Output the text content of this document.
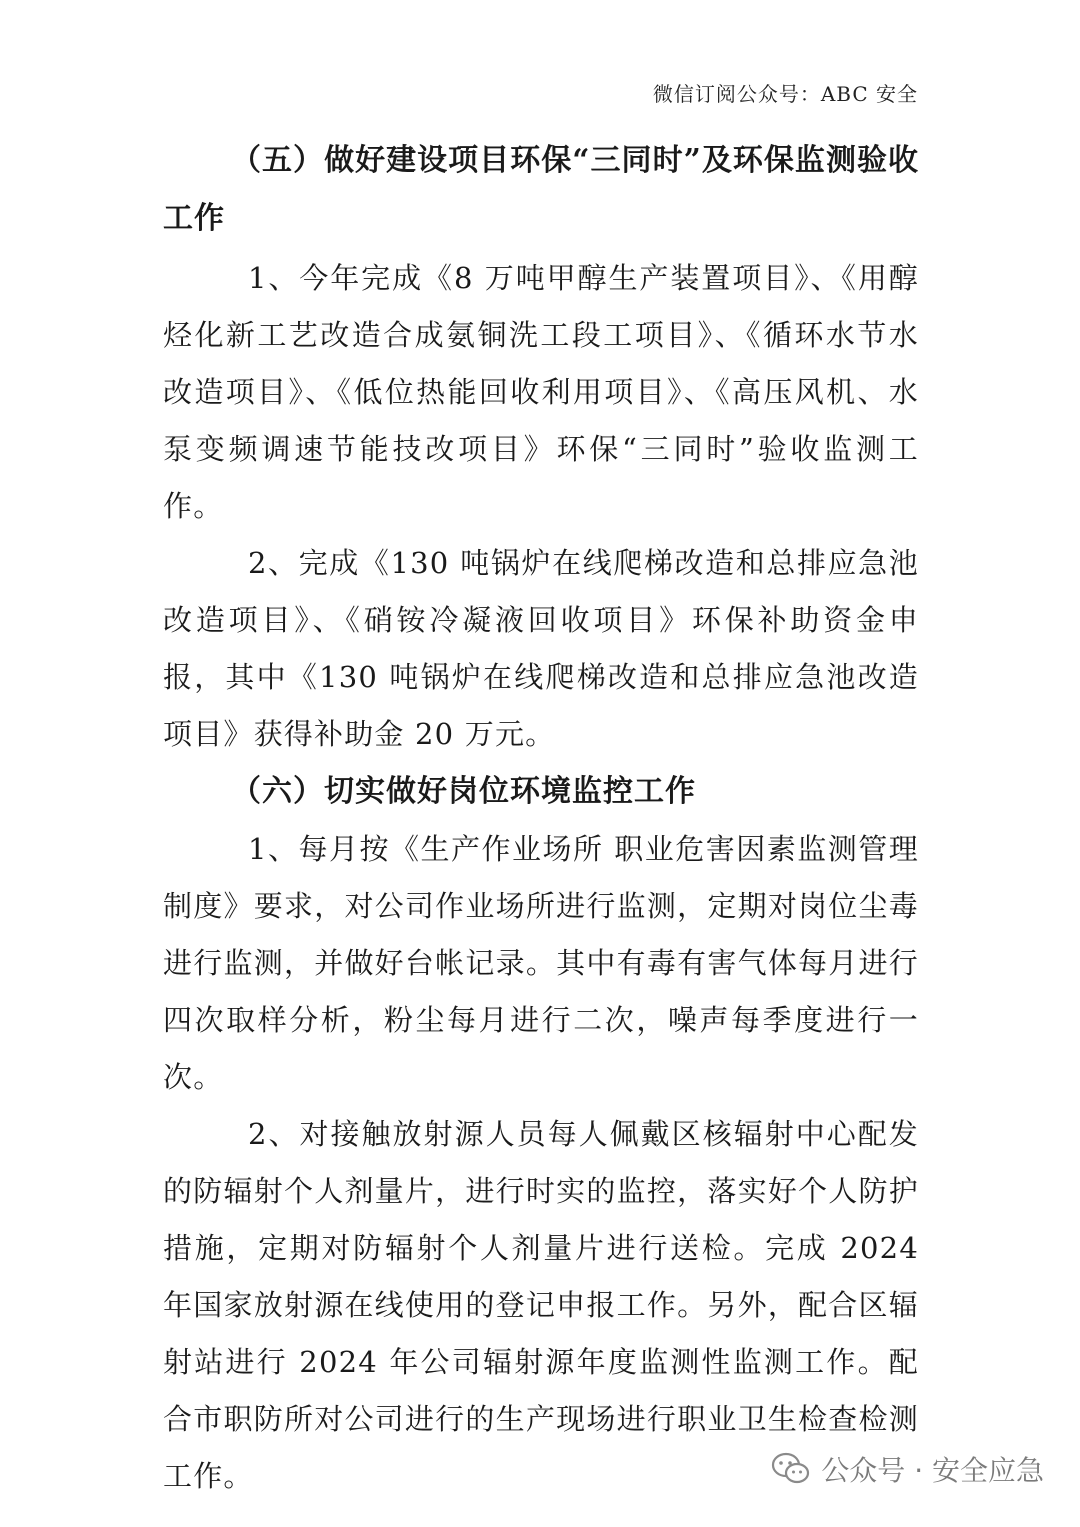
微信订阅公众号：ABC 安全

（五）做好建设项目环保“三同时”及环保监测验收工作

1、今年完成《8 万吨甲醇生产装置项目》、《用醇烃化新工艺改造合成氨铜洗工段工项目》、《循环水节水改造项目》、《低位热能回收利用项目》、《高压风机、水泵变频调速节能技改项目》环保“三同时”验收监测工作。

2、完成《130 吨锅炉在线爬梯改造和总排应急池改造项目》、《硝铵冷凝液回收项目》环保补助资金申报，其中《130 吨锅炉在线爬梯改造和总排应急池改造项目》获得补助金 20 万元。

（六）切实做好岗位环境监控工作

1、每月按《生产作业场所 职业危害因素监测管理制度》要求，对公司作业场所进行监测，定期对岗位尘毒进行监测，并做好台帐记录。其中有毒有害气体每月进行四次取样分析，粉尘每月进行二次，噪声每季度进行一次。

2、对接触放射源人员每人佩戴区核辐射中心配发的防辐射个人剂量片，进行时实的监控，落实好个人防护措施，定期对防辐射个人剂量片进行送检。完成 2024 年国家放射源在线使用的登记申报工作。另外，配合区辐射站进行 2024 年公司辐射源年度监测性监测工作。配合市职防所对公司进行的生产现场进行职业卫生检查检测工作。	公众号 · 安全应急
